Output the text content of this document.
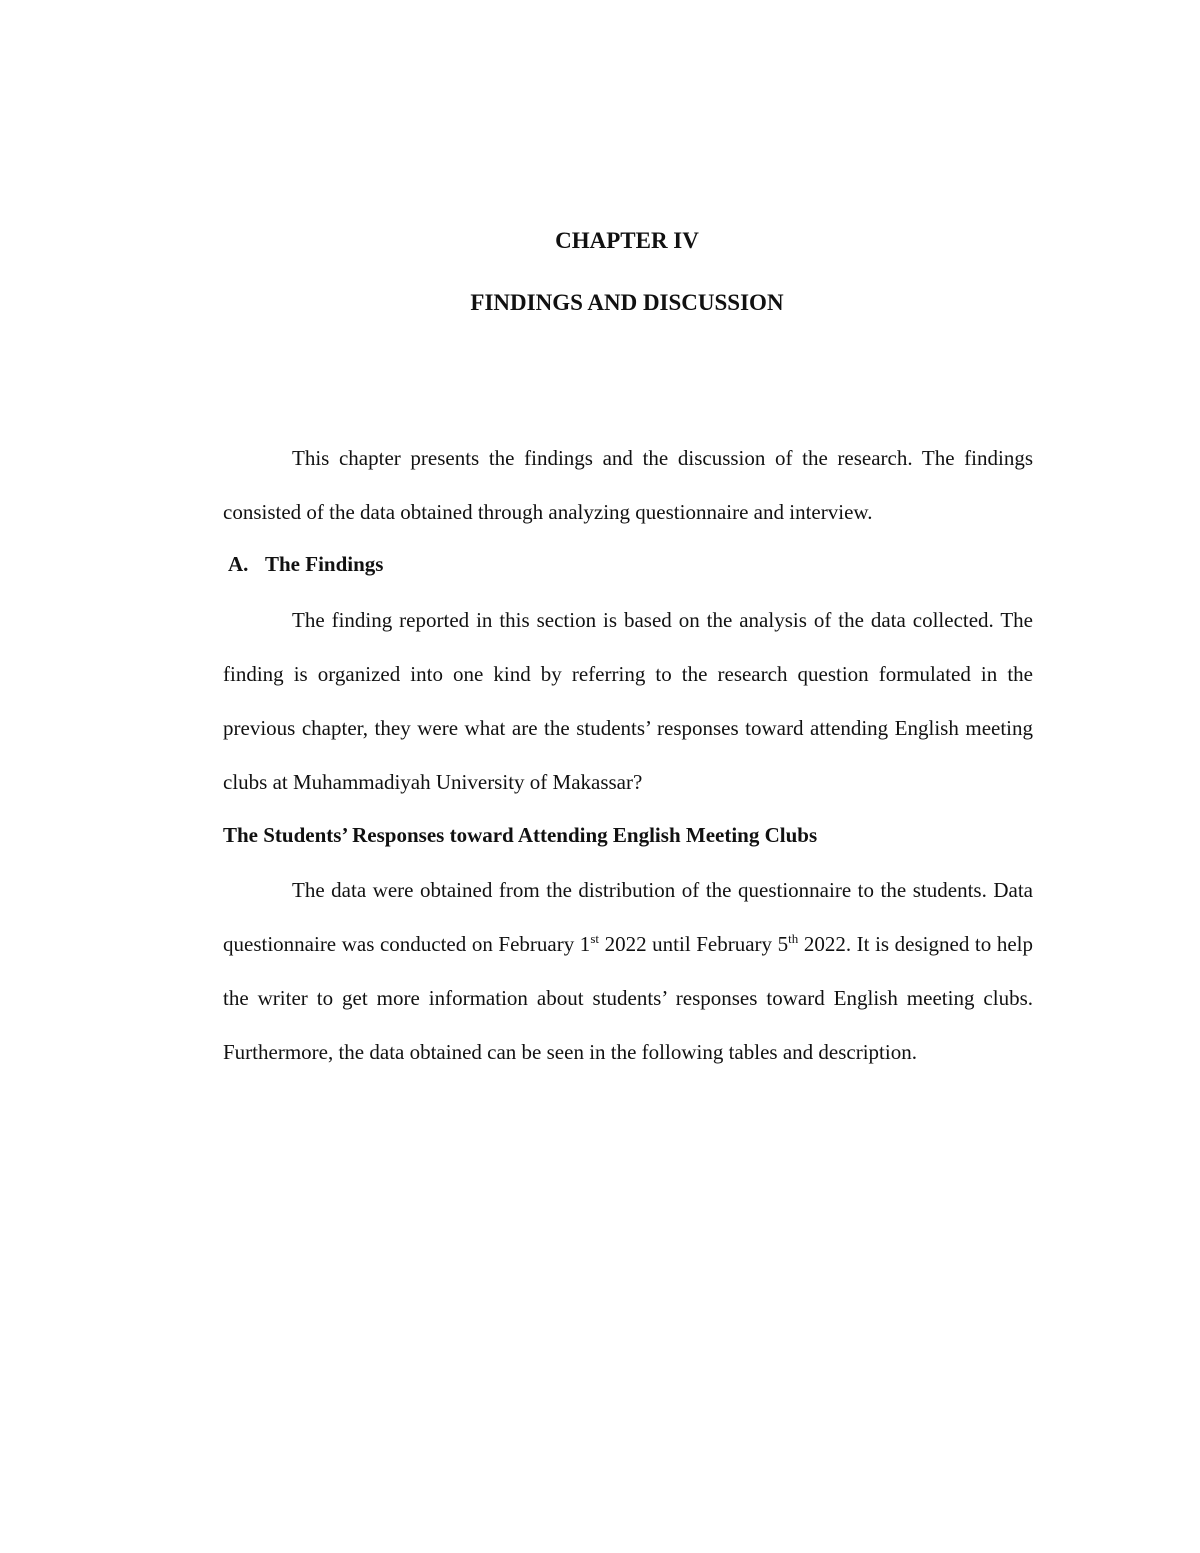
CHAPTER IV
FINDINGS AND DISCUSSION

This chapter presents the findings and the discussion of the research. The findings consisted of the data obtained through analyzing questionnaire and interview.

A. The Findings

The finding reported in this section is based on the analysis of the data collected. The finding is organized into one kind by referring to the research question formulated in the previous chapter, they were what are the students’ responses toward attending English meeting clubs at Muhammadiyah University of Makassar?

The Students’ Responses toward Attending English Meeting Clubs

The data were obtained from the distribution of the questionnaire to the students. Data questionnaire was conducted on February 1st 2022 until February 5th 2022. It is designed to help the writer to get more information about students’ responses toward English meeting clubs. Furthermore, the data obtained can be seen in the following tables and description.
